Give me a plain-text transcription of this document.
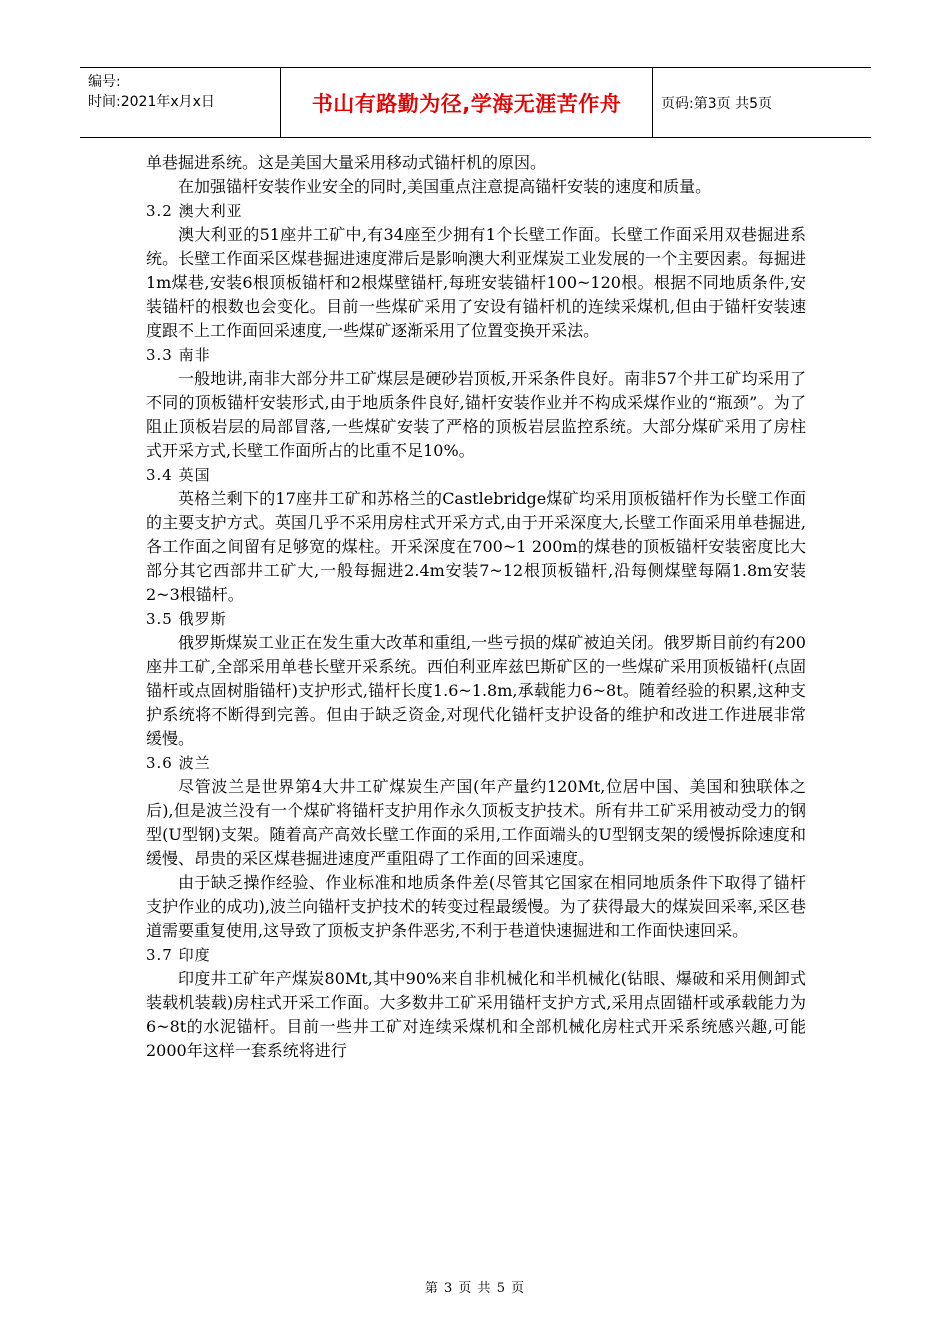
编号:
时间:2021年x月x日	书山有路勤为径,学海无涯苦作舟	页码:第3页 共5页

单巷掘进系统。这是美国大量采用移动式锚杆机的原因。

在加强锚杆安装作业安全的同时,美国重点注意提高锚杆安装的速度和质量。

3.2 澳大利亚

澳大利亚的51座井工矿中,有34座至少拥有1个长壁工作面。长壁工作面采用双巷掘进系统。长壁工作面采区煤巷掘进速度滞后是影响澳大利亚煤炭工业发展的一个主要因素。每掘进1m煤巷,安装6根顶板锚杆和2根煤壁锚杆,每班安装锚杆100~120根。根据不同地质条件,安装锚杆的根数也会变化。目前一些煤矿采用了安设有锚杆机的连续采煤机,但由于锚杆安装速度跟不上工作面回采速度,一些煤矿逐渐采用了位置变换开采法。

3.3 南非

一般地讲,南非大部分井工矿煤层是硬砂岩顶板,开采条件良好。南非57个井工矿均采用了不同的顶板锚杆安装形式,由于地质条件良好,锚杆安装作业并不构成采煤作业的“瓶颈”。为了阻止顶板岩层的局部冒落,一些煤矿安装了严格的顶板岩层监控系统。大部分煤矿采用了房柱式开采方式,长壁工作面所占的比重不足10%。

3.4 英国

英格兰剩下的17座井工矿和苏格兰的Castlebridge煤矿均采用顶板锚杆作为长壁工作面的主要支护方式。英国几乎不采用房柱式开采方式,由于开采深度大,长壁工作面采用单巷掘进,各工作面之间留有足够宽的煤柱。开采深度在700~1 200m的煤巷的顶板锚杆安装密度比大部分其它西部井工矿大,一般每掘进2.4m安装7~12根顶板锚杆,沿每侧煤壁每隔1.8m安装2~3根锚杆。

3.5 俄罗斯

俄罗斯煤炭工业正在发生重大改革和重组,一些亏损的煤矿被迫关闭。俄罗斯目前约有200座井工矿,全部采用单巷长壁开采系统。西伯利亚库兹巴斯矿区的一些煤矿采用顶板锚杆(点固锚杆或点固树脂锚杆)支护形式,锚杆长度1.6~1.8m,承载能力6~8t。随着经验的积累,这种支护系统将不断得到完善。但由于缺乏资金,对现代化锚杆支护设备的维护和改进工作进展非常缓慢。

3.6 波兰

尽管波兰是世界第4大井工矿煤炭生产国(年产量约120Mt,位居中国、美国和独联体之后),但是波兰没有一个煤矿将锚杆支护用作永久顶板支护技术。所有井工矿采用被动受力的钢型(U型钢)支架。随着高产高效长壁工作面的采用,工作面端头的U型钢支架的缓慢拆除速度和缓慢、昂贵的采区煤巷掘进速度严重阻碍了工作面的回采速度。

由于缺乏操作经验、作业标准和地质条件差(尽管其它国家在相同地质条件下取得了锚杆支护作业的成功),波兰向锚杆支护技术的转变过程最缓慢。为了获得最大的煤炭回采率,采区巷道需要重复使用,这导致了顶板支护条件恶劣,不利于巷道快速掘进和工作面快速回采。

3.7 印度

印度井工矿年产煤炭80Mt,其中90%来自非机械化和半机械化(钻眼、爆破和采用侧卸式装载机装载)房柱式开采工作面。大多数井工矿采用锚杆支护方式,采用点固锚杆或承载能力为6~8t的水泥锚杆。目前一些井工矿对连续采煤机和全部机械化房柱式开采系统感兴趣,可能2000年这样一套系统将进行

第 3 页 共 5 页
